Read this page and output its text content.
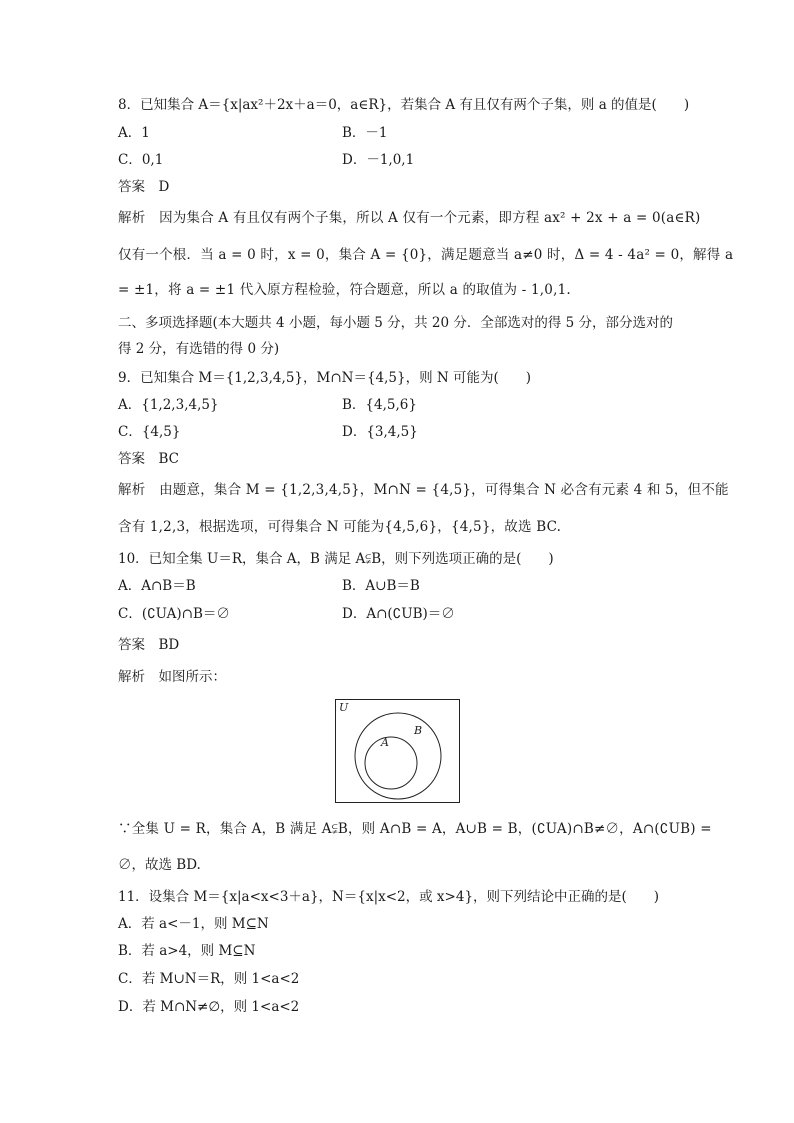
8．已知集合 A＝{x|ax²＋2x＋a＝0，a∈R}，若集合 A 有且仅有两个子集，则 a 的值是(　　)
A．1	B．－1
C．0,1	D．－1,0,1
答案　D
解析　因为集合 A 有且仅有两个子集，所以 A 仅有一个元素，即方程 ax² + 2x + a = 0(a∈R)
仅有一个根．当 a = 0 时，x = 0，集合 A = {0}，满足题意当 a≠0 时，Δ = 4 - 4a² = 0，解得 a
= ±1，将 a = ±1 代入原方程检验，符合题意，所以 a 的取值为 - 1,0,1.
二、多项选择题(本大题共 4 小题，每小题 5 分，共 20 分．全部选对的得 5 分，部分选对的
得 2 分，有选错的得 0 分)
9．已知集合 M＝{1,2,3,4,5}，M∩N＝{4,5}，则 N 可能为(　　)
A．{1,2,3,4,5}	B．{4,5,6}
C．{4,5}	D．{3,4,5}
答案　BC
解析　由题意，集合 M = {1,2,3,4,5}，M∩N = {4,5}，可得集合 N 必含有元素 4 和 5，但不能
含有 1,2,3，根据选项，可得集合 N 可能为{4,5,6}，{4,5}，故选 BC.
10．已知全集 U＝R，集合 A，B 满足 A⫋B，则下列选项正确的是(　　)
A．A∩B＝B	B．A∪B＝B
C．(∁UA)∩B＝∅	D．A∩(∁UB)＝∅
答案　BD
解析　如图所示：
U
A
B
∵全集 U = R，集合 A，B 满足 A⫋B，则 A∩B = A，A∪B = B，(∁UA)∩B≠∅，A∩(∁UB) =
∅，故选 BD.
11．设集合 M＝{x|a<x<3＋a}，N＝{x|x<2，或 x>4}，则下列结论中正确的是(　　)
A．若 a<－1，则 M⊆N
B．若 a>4，则 M⊆N
C．若 M∪N＝R，则 1<a<2
D．若 M∩N≠∅，则 1<a<2
